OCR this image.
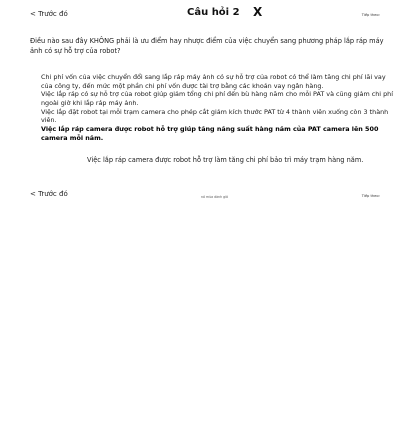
< Trước đó	Câu hỏi 2 X	Tiếp theo›
Điều nào sau đây KHÔNG phải là ưu điểm hay nhược điểm của việc chuyển sang phương pháp lắp ráp máy ảnh có sự hỗ trợ của robot?
Chi phí vốn của việc chuyển đổi sang lắp ráp máy ảnh có sự hỗ trợ của robot có thể làm tăng chi phí lãi vay của công ty, đến mức một phần chi phí vốn được tài trợ bằng các khoản vay ngân hàng.
Việc lắp ráp có sự hỗ trợ của robot giúp giảm tổng chi phí đến bù hàng năm cho mỗi PAT và cũng giảm chi phí ngoài giờ khi lắp ráp máy ảnh.
Việc lắp đặt robot tại mỗi trạm camera cho phép cắt giảm kích thước PAT từ 4 thành viên xuống còn 3 thành viên.
Việc lắp ráp camera được robot hỗ trợ giúp tăng năng suất hàng năm của PAT camera lên 500 camera mỗi năm.
Việc lắp ráp camera được robot hỗ trợ làm tăng chi phí bảo trì máy trạm hàng năm.
< Trước đó	nó mùa dành giả	Tiếp theo›
